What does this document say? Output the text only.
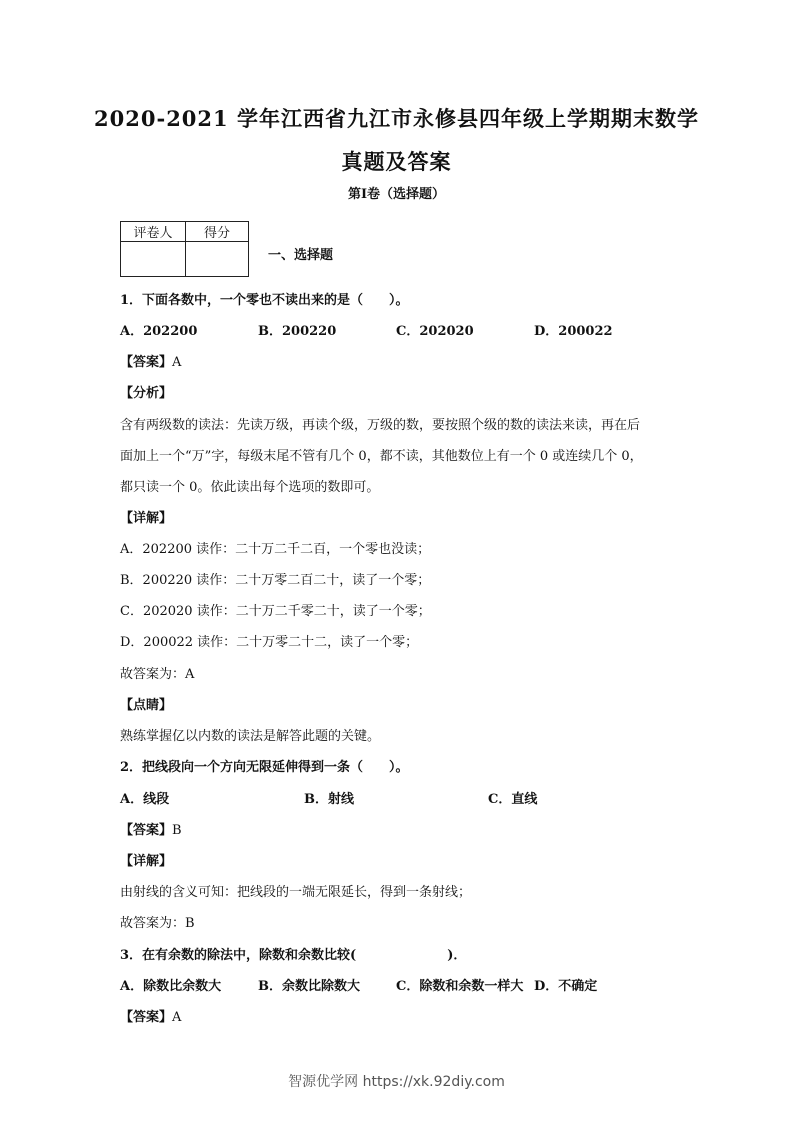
2020-2021 学年江西省九江市永修县四年级上学期期末数学
真题及答案
第Ⅰ卷（选择题）
评卷人	得分

一、选择题
1．下面各数中，一个零也不读出来的是（　　）。
A．202200	B．200220	C．202020	D．200022
【答案】A
【分析】
含有两级数的读法：先读万级，再读个级，万级的数，要按照个级的数的读法来读，再在后
面加上一个“万”字，每级末尾不管有几个 0，都不读，其他数位上有一个 0 或连续几个 0，
都只读一个 0。依此读出每个选项的数即可。
【详解】
A．202200 读作：二十万二千二百，一个零也没读；
B．200220 读作：二十万零二百二十，读了一个零；
C．202020 读作：二十万二千零二十，读了一个零；
D．200022 读作：二十万零二十二，读了一个零；
故答案为：A
【点睛】
熟练掌握亿以内数的读法是解答此题的关键。
2．把线段向一个方向无限延伸得到一条（　　）。
A．线段	B．射线	C．直线
【答案】B
【详解】
由射线的含义可知：把线段的一端无限延长，得到一条射线；
故答案为：B
3．在有余数的除法中，除数和余数比较(　　　　　　　)．
A．除数比余数大	B．余数比除数大	C．除数和余数一样大 D．不确定
【答案】A
智源优学网 https://xk.92diy.com
